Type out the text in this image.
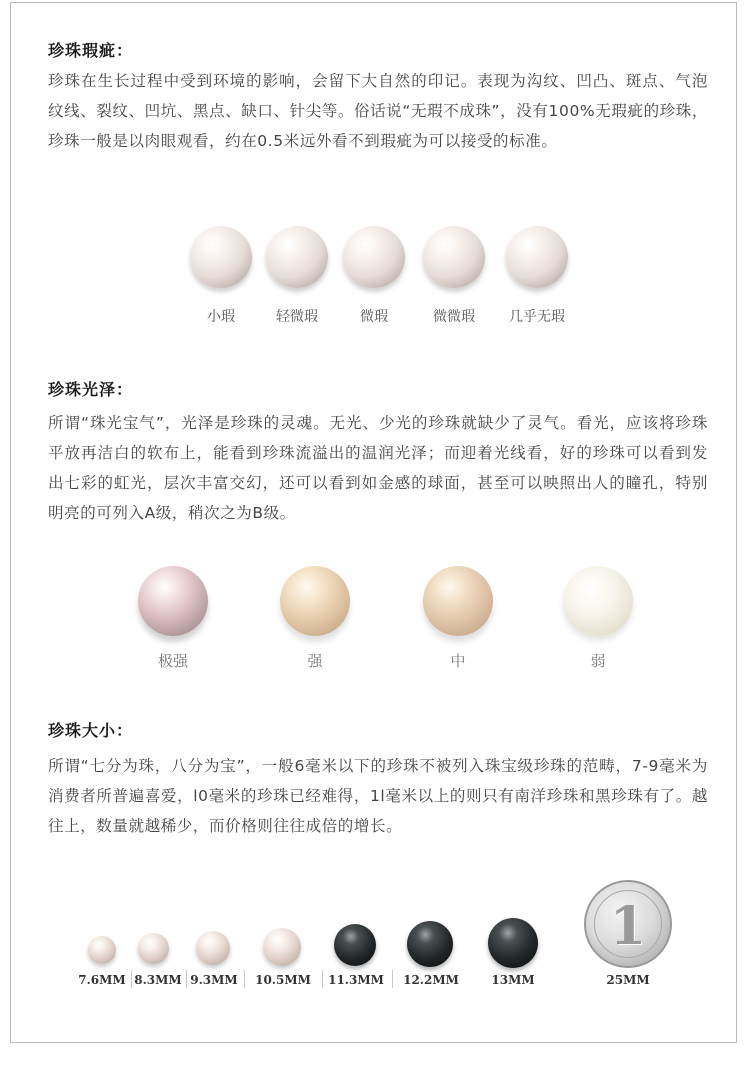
珍珠瑕疵：

珍珠在生长过程中受到环境的影响，会留下大自然的印记。表现为沟纹、凹凸、斑点、气泡纹线、裂纹、凹坑、黑点、缺口、针尖等。俗话说“无瑕不成珠”，没有100%无瑕疵的珍珠，珍珠一般是以肉眼观看，约在0.5米远外看不到瑕疵为可以接受的标准。

小瑕	轻微瑕	微瑕	微微瑕 几乎无瑕
珍珠光泽：

所谓“珠光宝气”，光泽是珍珠的灵魂。无光、少光的珍珠就缺少了灵气。看光，应该将珍珠平放再洁白的软布上，能看到珍珠流溢出的温润光泽；而迎着光线看，好的珍珠可以看到发出七彩的虹光，层次丰富交幻，还可以看到如金感的球面，甚至可以映照出人的瞳孔，特别明亮的可列入A级，稍次之为B级。

极强	强	中	弱
珍珠大小：

所谓“七分为珠，八分为宝”，一般6毫米以下的珍珠不被列入珠宝级珍珠的范畴，7-9毫米为消费者所普遍喜爱，l0毫米的珍珠已经难得，1l毫米以上的则只有南洋珍珠和黑珍珠有了。越往上，数量就越稀少，而价格则往往成倍的增长。

1
7.6MM 8.3MM 9.3MM 10.5MM 11.3MM 12.2MM	13MM	25MM
